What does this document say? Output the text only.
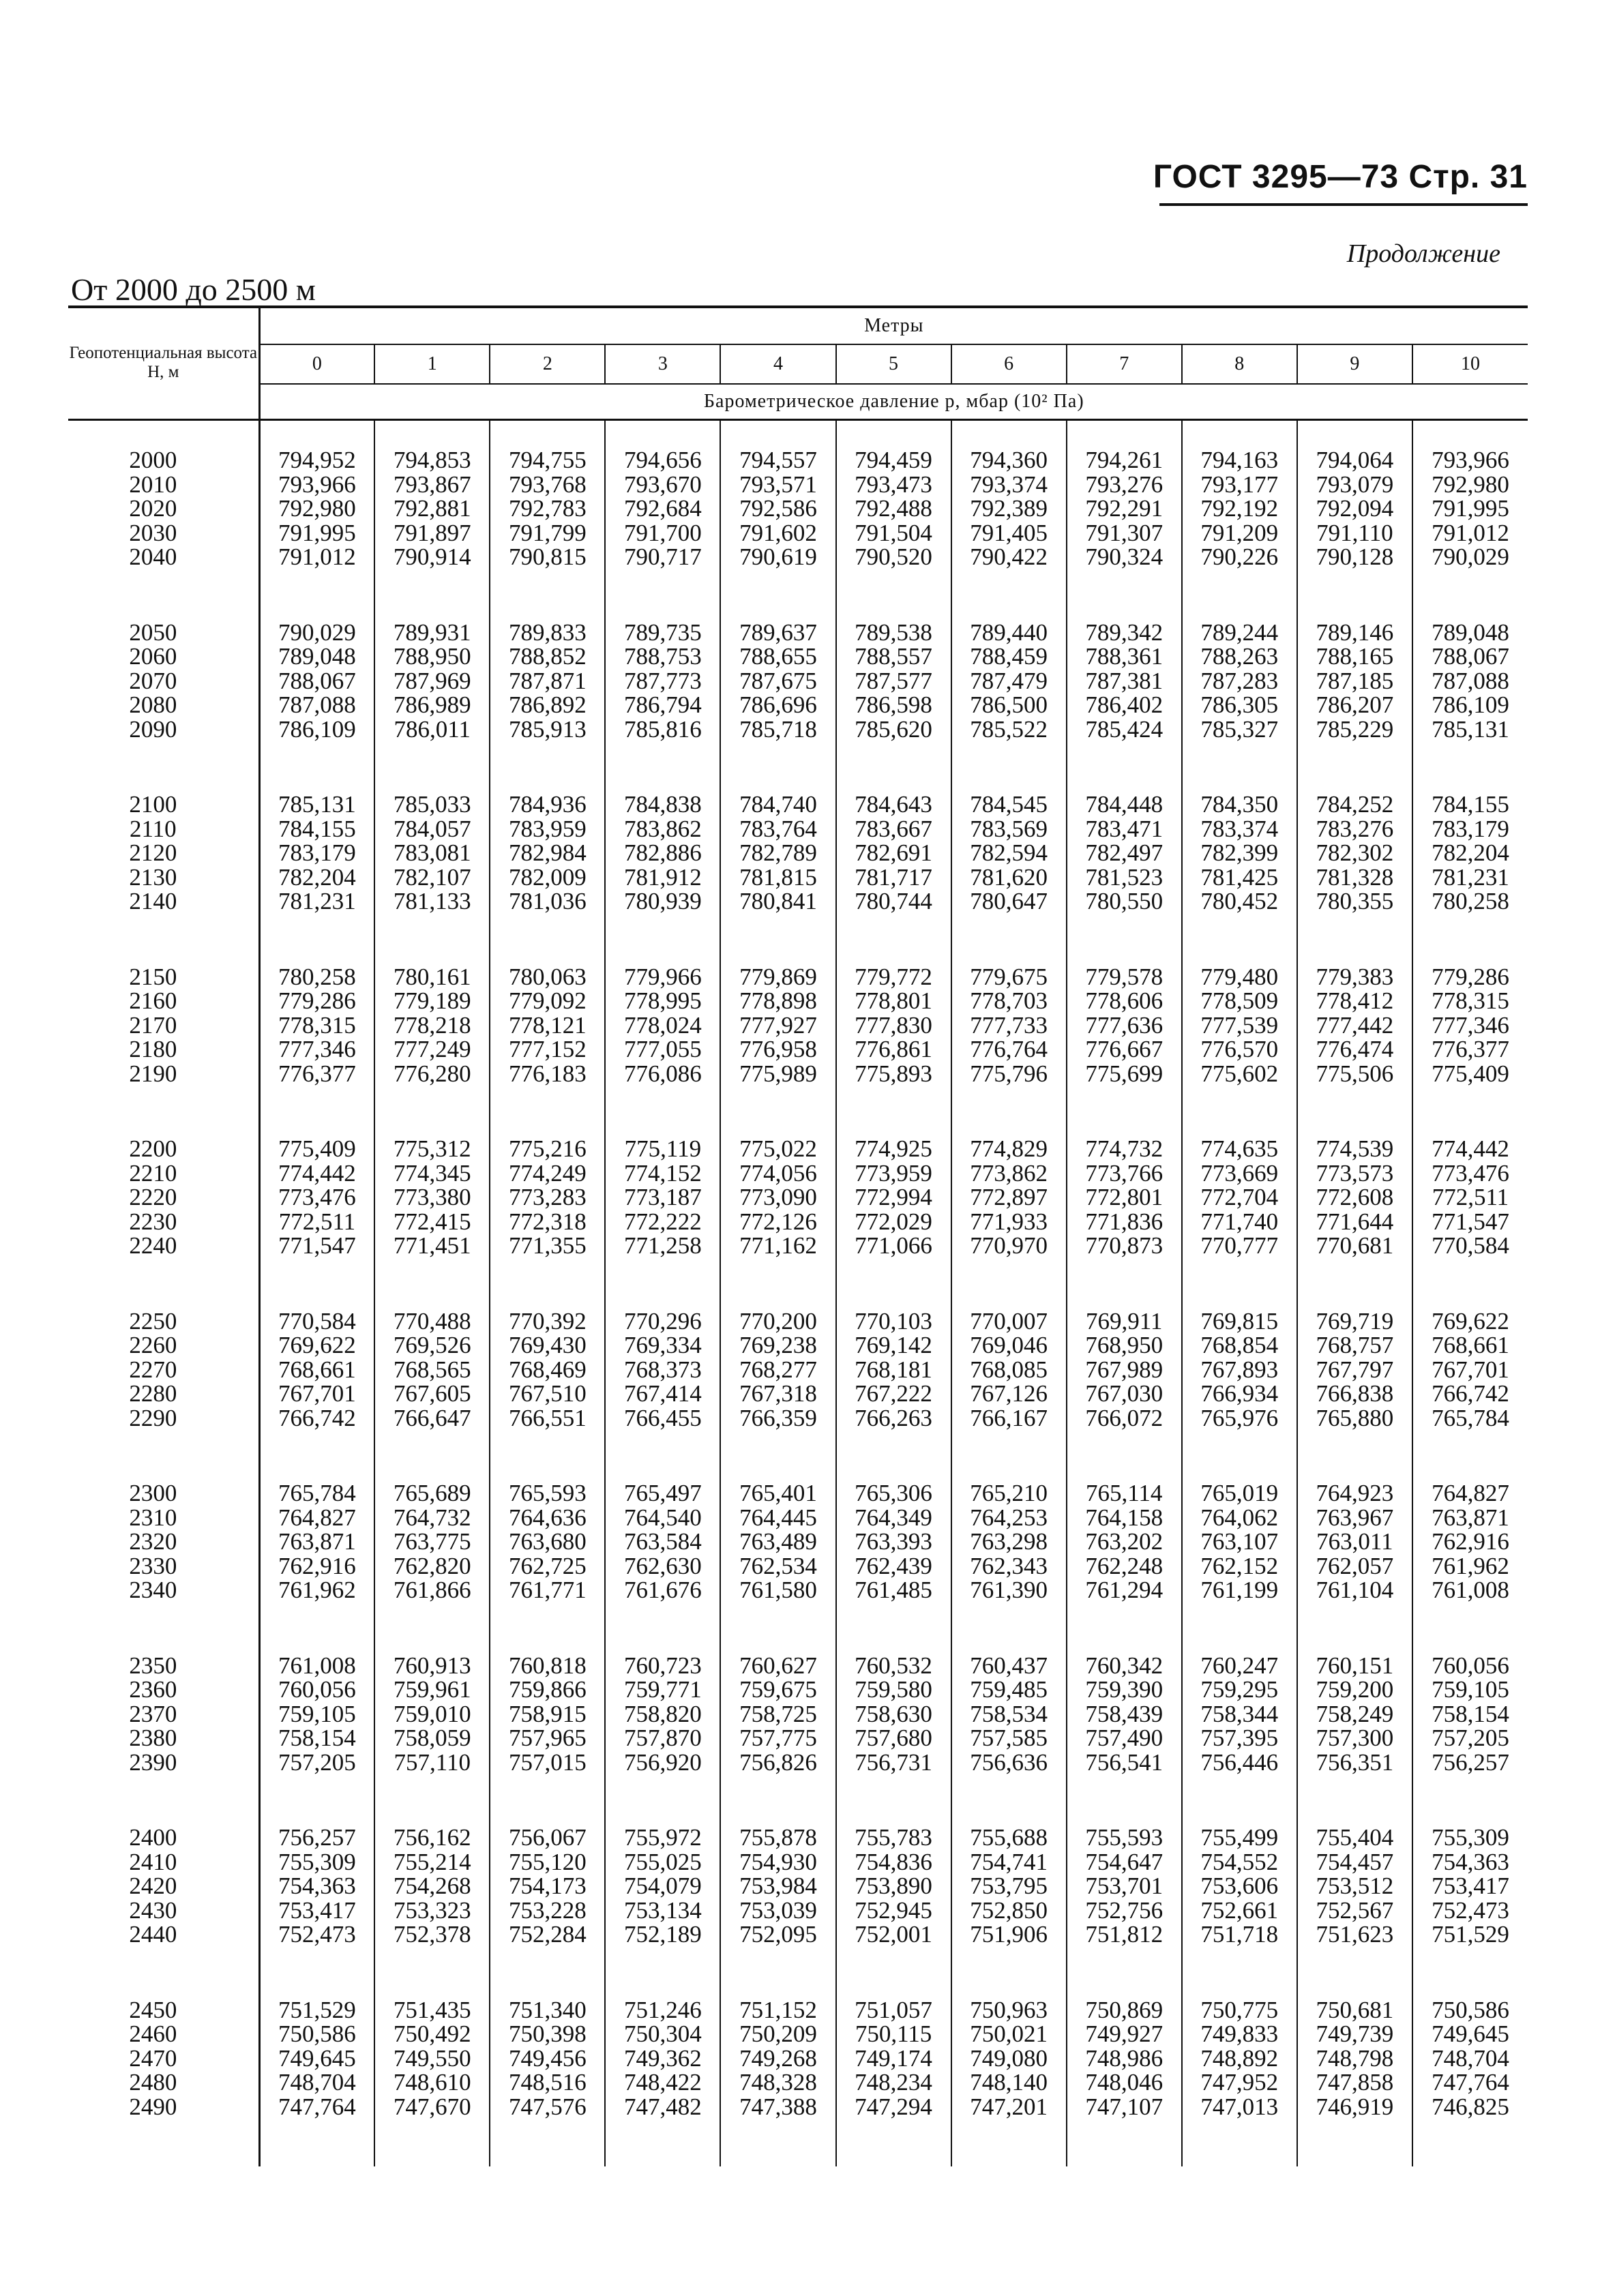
ГОСТ 3295—73 Стр. 31
Продолжение
От 2000 до 2500 м
Геопотенциальная высота H, м	Метры										
	0	1	2	3	4	5	6	7	8	9	10
	Барометрическое давление p, мбар (10² Па)										
2000	794,952	794,853	794,755	794,656	794,557	794,459	794,360	794,261	794,163	794,064	793,966
2010	793,966	793,867	793,768	793,670	793,571	793,473	793,374	793,276	793,177	793,079	792,980
2020	792,980	792,881	792,783	792,684	792,586	792,488	792,389	792,291	792,192	792,094	791,995
2030	791,995	791,897	791,799	791,700	791,602	791,504	791,405	791,307	791,209	791,110	791,012
2040	791,012	790,914	790,815	790,717	790,619	790,520	790,422	790,324	790,226	790,128	790,029
2050	790,029	789,931	789,833	789,735	789,637	789,538	789,440	789,342	789,244	789,146	789,048
2060	789,048	788,950	788,852	788,753	788,655	788,557	788,459	788,361	788,263	788,165	788,067
2070	788,067	787,969	787,871	787,773	787,675	787,577	787,479	787,381	787,283	787,185	787,088
2080	787,088	786,989	786,892	786,794	786,696	786,598	786,500	786,402	786,305	786,207	786,109
2090	786,109	786,011	785,913	785,816	785,718	785,620	785,522	785,424	785,327	785,229	785,131
2100	785,131	785,033	784,936	784,838	784,740	784,643	784,545	784,448	784,350	784,252	784,155
2110	784,155	784,057	783,959	783,862	783,764	783,667	783,569	783,471	783,374	783,276	783,179
2120	783,179	783,081	782,984	782,886	782,789	782,691	782,594	782,497	782,399	782,302	782,204
2130	782,204	782,107	782,009	781,912	781,815	781,717	781,620	781,523	781,425	781,328	781,231
2140	781,231	781,133	781,036	780,939	780,841	780,744	780,647	780,550	780,452	780,355	780,258
2150	780,258	780,161	780,063	779,966	779,869	779,772	779,675	779,578	779,480	779,383	779,286
2160	779,286	779,189	779,092	778,995	778,898	778,801	778,703	778,606	778,509	778,412	778,315
2170	778,315	778,218	778,121	778,024	777,927	777,830	777,733	777,636	777,539	777,442	777,346
2180	777,346	777,249	777,152	777,055	776,958	776,861	776,764	776,667	776,570	776,474	776,377
2190	776,377	776,280	776,183	776,086	775,989	775,893	775,796	775,699	775,602	775,506	775,409
2200	775,409	775,312	775,216	775,119	775,022	774,925	774,829	774,732	774,635	774,539	774,442
2210	774,442	774,345	774,249	774,152	774,056	773,959	773,862	773,766	773,669	773,573	773,476
2220	773,476	773,380	773,283	773,187	773,090	772,994	772,897	772,801	772,704	772,608	772,511
2230	772,511	772,415	772,318	772,222	772,126	772,029	771,933	771,836	771,740	771,644	771,547
2240	771,547	771,451	771,355	771,258	771,162	771,066	770,970	770,873	770,777	770,681	770,584
2250	770,584	770,488	770,392	770,296	770,200	770,103	770,007	769,911	769,815	769,719	769,622
2260	769,622	769,526	769,430	769,334	769,238	769,142	769,046	768,950	768,854	768,757	768,661
2270	768,661	768,565	768,469	768,373	768,277	768,181	768,085	767,989	767,893	767,797	767,701
2280	767,701	767,605	767,510	767,414	767,318	767,222	767,126	767,030	766,934	766,838	766,742
2290	766,742	766,647	766,551	766,455	766,359	766,263	766,167	766,072	765,976	765,880	765,784
2300	765,784	765,689	765,593	765,497	765,401	765,306	765,210	765,114	765,019	764,923	764,827
2310	764,827	764,732	764,636	764,540	764,445	764,349	764,253	764,158	764,062	763,967	763,871
2320	763,871	763,775	763,680	763,584	763,489	763,393	763,298	763,202	763,107	763,011	762,916
2330	762,916	762,820	762,725	762,630	762,534	762,439	762,343	762,248	762,152	762,057	761,962
2340	761,962	761,866	761,771	761,676	761,580	761,485	761,390	761,294	761,199	761,104	761,008
2350	761,008	760,913	760,818	760,723	760,627	760,532	760,437	760,342	760,247	760,151	760,056
2360	760,056	759,961	759,866	759,771	759,675	759,580	759,485	759,390	759,295	759,200	759,105
2370	759,105	759,010	758,915	758,820	758,725	758,630	758,534	758,439	758,344	758,249	758,154
2380	758,154	758,059	757,965	757,870	757,775	757,680	757,585	757,490	757,395	757,300	757,205
2390	757,205	757,110	757,015	756,920	756,826	756,731	756,636	756,541	756,446	756,351	756,257
2400	756,257	756,162	756,067	755,972	755,878	755,783	755,688	755,593	755,499	755,404	755,309
2410	755,309	755,214	755,120	755,025	754,930	754,836	754,741	754,647	754,552	754,457	754,363
2420	754,363	754,268	754,173	754,079	753,984	753,890	753,795	753,701	753,606	753,512	753,417
2430	753,417	753,323	753,228	753,134	753,039	752,945	752,850	752,756	752,661	752,567	752,473
2440	752,473	752,378	752,284	752,189	752,095	752,001	751,906	751,812	751,718	751,623	751,529
2450	751,529	751,435	751,340	751,246	751,152	751,057	750,963	750,869	750,775	750,681	750,586
2460	750,586	750,492	750,398	750,304	750,209	750,115	750,021	749,927	749,833	749,739	749,645
2470	749,645	749,550	749,456	749,362	749,268	749,174	749,080	748,986	748,892	748,798	748,704
2480	748,704	748,610	748,516	748,422	748,328	748,234	748,140	748,046	747,952	747,858	747,764
2490	747,764	747,670	747,576	747,482	747,388	747,294	747,201	747,107	747,013	746,919	746,825
